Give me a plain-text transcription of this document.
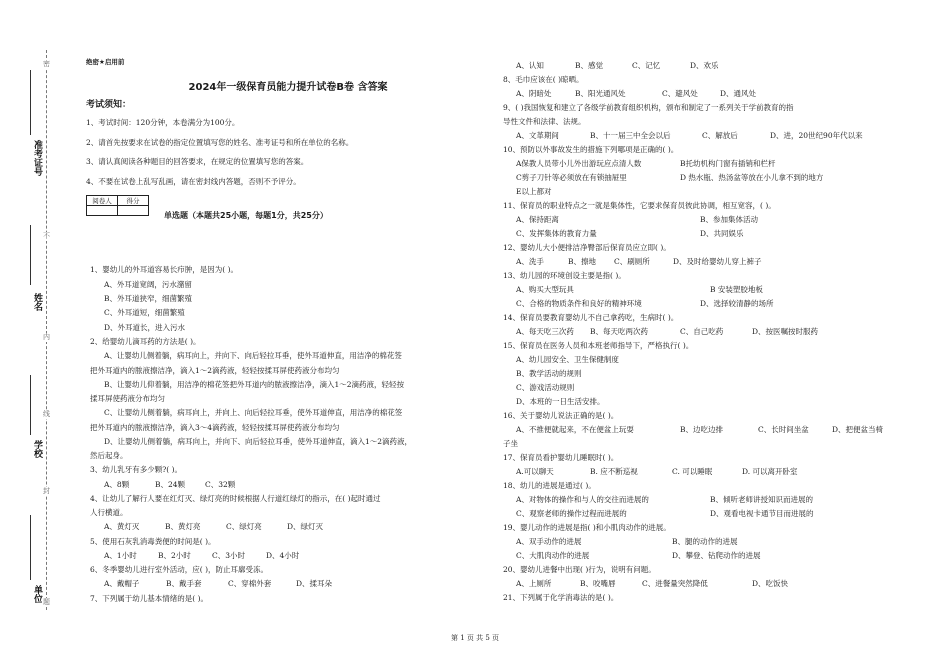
准考证号
姓名
学校
单位
密
不
内
线
封
题
绝密★启用前
2024年一级保育员能力提升试卷B卷 含答案
考试须知：
1、考试时间：120分钟，本卷满分为100分。
2、请首先按要求在试卷的指定位置填写您的姓名、准考证号和所在单位的名称。
3、请认真阅读各种题目的回答要求，在规定的位置填写您的答案。
4、不要在试卷上乱写乱画，请在密封线内答题，否则不予评分。
阅卷人	得分

单选题（本题共25小题，每题1分，共25分）
1、婴幼儿的外耳道容易长疖肿，是因为( )。
A、外耳道宽阔，污水潴留
B、外耳道狭窄，细菌繁殖
C、外耳道短，细菌繁殖
D、外耳道长，进入污水
2、给婴幼儿滴耳药的方法是( )。
A、让婴幼儿侧着躺，病耳向上，并向下、向后轻拉耳垂，使外耳道伸直，用洁净的棉花签
把外耳道内的脓液擦洁净，滴入1～2滴药液，轻轻按揉耳屏使药液分布均匀
B、让婴幼儿仰着躺，用洁净的棉花签把外耳道内的脓液擦洁净，滴入1～2滴药液，轻轻按
揉耳屏使药液分布均匀
C、让婴幼儿侧着躺，病耳向上，并向上、向后轻拉耳垂，使外耳道伸直，用洁净的棉花签
把外耳道内的脓液擦洁净，滴入3～4滴药液，轻轻按揉耳屏使药液分布均匀
D、让婴幼儿侧着躺，病耳向上，并向下、向后轻拉耳垂，使外耳道伸直，滴入1～2滴药液，
然后起身。
3、幼儿乳牙有多少颗?( )。
A、8颗	B、24颗	C、32颗
4、让幼儿了解行人要在红灯灭、绿灯亮的时候根据人行道红绿灯的指示，在( )起时通过
人行横道。
A、黄灯灭	B、黄灯亮	C、绿灯亮	D、绿灯灭
5、使用石灰乳消毒粪便的时间是( )。
A、1小时	B、2小时	C、3小时	D、4小时
6、冬季婴幼儿进行室外活动，应( )，防止耳廓受冻。
A、戴帽子	B、戴手套	C、穿棉外套	D、揉耳朵
7、下列属于幼儿基本情绪的是( )。
A、认知	B、感觉	C、记忆	D、欢乐
8、毛巾应该在( )晾晒。
A、阴暗处	B、阳光通风处	C、避风处	D、通风处
9、( )我国恢复和建立了各级学前教育组织机构，颁布和制定了一系列关于学前教育的指
导性文件和法律、法规。
A、文革期间	B、十一届三中全会以后	C、解放后	D、进，20世纪90年代以来
10、预防以外事故发生的措施下列哪项是正确的( )。
A保教人员带小儿外出游玩应点清人数	B托幼机构门窗有插销和栏杆
C剪子刀针等必须放在有锁抽屉里	D 热水瓶、热汤盆等放在小儿拿不到的地方
E以上都对
11、保育员的职业特点之一就是集体性，它要求保育员彼此协调，相互宽容，( )。
A、保持距离	B、参加集体活动
C、发挥集体的教育力量	D、共同娱乐
12、婴幼儿大小便排洁净臀部后保育员应立即( )。
A、洗手	B、擦地 C、刷厕所	D、及时给婴幼儿穿上裤子
13、幼儿园的环境创设主要是指( )。
A、购买大型玩具	B 安装塑胶地板
C、合格的物质条件和良好的精神环境	D、选择较清静的场所
14、保育员要教育婴幼儿不自己拿药吃，生病时( )。
A、每天吃三次药 B、每天吃两次药	C、自己吃药	D、按医嘱按时服药
15、保育员在医务人员和本班老师指导下，严格执行( )。
A、幼儿园安全、卫生保健制度
B、教学活动的规则
C、游戏活动规则
D、本班的一日生活安排。
16、关于婴幼儿说法正确的是( )。
A、不推便就起来，不在便盆上玩耍	B、边吃边排	C、长时间坐盆	D、把便盆当椅
子坐
17、保育员看护婴幼儿睡眠时( )。
A.可以聊天	B. 应不断巡视	C. 可以睡眠	D. 可以离开卧室
18、幼儿的进展是通过( )。
A、对物体的操作和与人的交往而进展的	B、倾听老师讲授知识而进展的
C、观察老师的操作过程而进展的	D、观看电视卡通节目而进展的
19、婴儿动作的进展是指( )和小肌肉动作的进展。
A、双手动作的进展	B、腿的动作的进展
C、大肌肉动作的进展	D、攀登、钻爬动作的进展
20、婴幼儿进餐中出现( )行为，说明有问题。
A、上厕所	B、咬嘴唇	C、进餐量突然降低	D、吃饭快
21、下列属于化学消毒法的是( )。
第 1 页 共 5 页
